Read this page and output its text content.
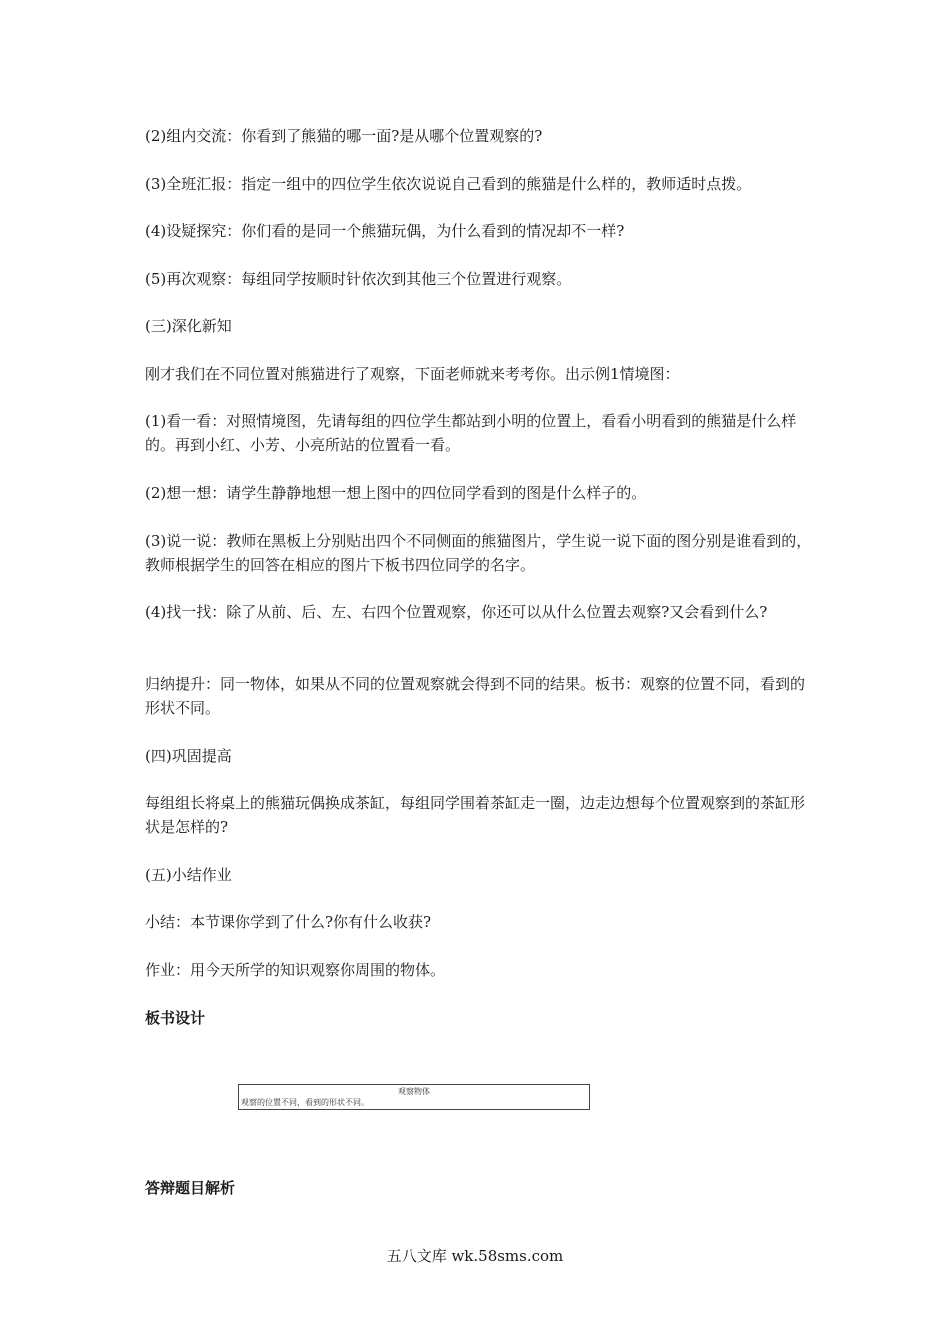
(2)组内交流：你看到了熊猫的哪一面?是从哪个位置观察的?

(3)全班汇报：指定一组中的四位学生依次说说自己看到的熊猫是什么样的，教师适时点拨。

(4)设疑探究：你们看的是同一个熊猫玩偶，为什么看到的情况却不一样?

(5)再次观察：每组同学按顺时针依次到其他三个位置进行观察。

(三)深化新知

刚才我们在不同位置对熊猫进行了观察，下面老师就来考考你。出示例1情境图：

(1)看一看：对照情境图，先请每组的四位学生都站到小明的位置上，看看小明看到的熊猫是什么样的。再到小红、小芳、小亮所站的位置看一看。

(2)想一想：请学生静静地想一想上图中的四位同学看到的图是什么样子的。

(3)说一说：教师在黑板上分别贴出四个不同侧面的熊猫图片，学生说一说下面的图分别是谁看到的，教师根据学生的回答在相应的图片下板书四位同学的名字。

(4)找一找：除了从前、后、左、右四个位置观察，你还可以从什么位置去观察?又会看到什么?

归纳提升：同一物体，如果从不同的位置观察就会得到不同的结果。板书：观察的位置不同，看到的形状不同。

(四)巩固提高

每组组长将桌上的熊猫玩偶换成茶缸，每组同学围着茶缸走一圈，边走边想每个位置观察到的茶缸形状是怎样的?

(五)小结作业

小结：本节课你学到了什么?你有什么收获?

作业：用今天所学的知识观察你周围的物体。

板书设计

观察物体
观察的位置不同，看到的形状不同。

答辩题目解析

五八文库 wk.58sms.com
